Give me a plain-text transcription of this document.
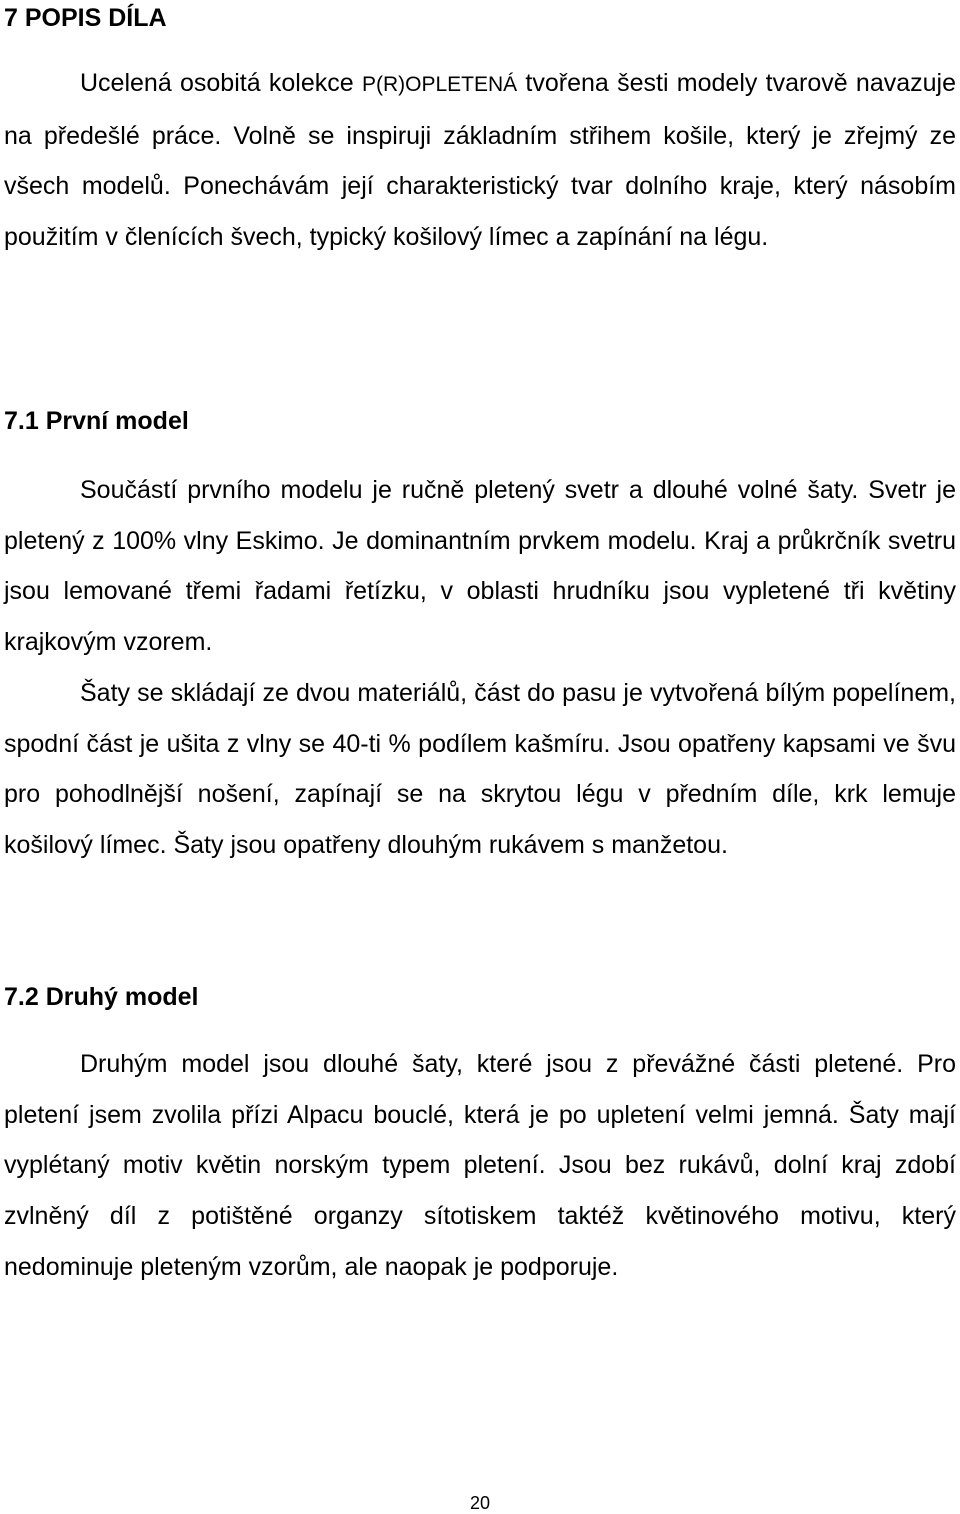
7 POPIS DÍLA

Ucelená osobitá kolekce P(R)OPLETENÁ tvořena šesti modely tvarově navazuje na předešlé práce. Volně se inspiruji základním střihem košile, který je zřejmý ze všech modelů. Ponechávám její charakteristický tvar dolního kraje, který násobím použitím v členících švech, typický košilový límec a zapínání na légu.

7.1 První model

Součástí prvního modelu je ručně pletený svetr a dlouhé volné šaty. Svetr je pletený z 100% vlny Eskimo. Je dominantním prvkem modelu. Kraj a průkrčník svetru jsou lemované třemi řadami řetízku, v oblasti hrudníku jsou vypletené tři květiny krajkovým vzorem.

Šaty se skládají ze dvou materiálů, část do pasu je vytvořená bílým popelínem, spodní část je ušita z vlny se 40-ti % podílem kašmíru. Jsou opatřeny kapsami ve švu pro pohodlnější nošení, zapínají se na skrytou légu v předním díle, krk lemuje košilový límec. Šaty jsou opatřeny dlouhým rukávem s manžetou.

7.2 Druhý model

Druhým model jsou dlouhé šaty, které jsou z převážné části pletené. Pro pletení jsem zvolila přízi Alpacu bouclé, která je po upletení velmi jemná. Šaty mají vyplétaný motiv květin norským typem pletení. Jsou bez rukávů, dolní kraj zdobí zvlněný díl z potištěné organzy sítotiskem taktéž květinového motivu, který nedominuje pleteným vzorům, ale naopak je podporuje.

20
